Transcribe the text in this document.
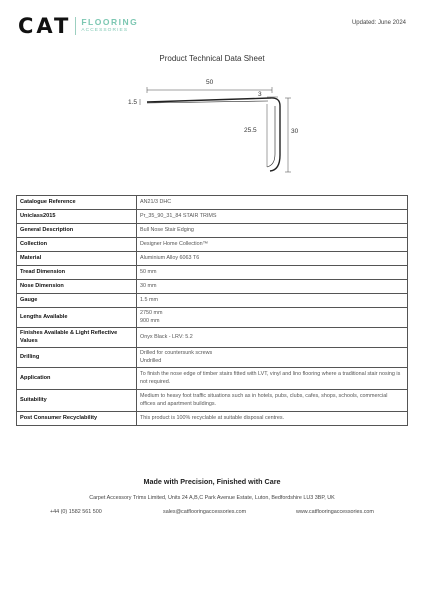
CAT FLOORING
ACCESSORIES
Updated: June 2024
Product Technical Data Sheet
50
1.5
3
25.5	30
Catalogue Reference	AN21/3 DHC

Uniclass2015	Pr_35_90_31_84 STAIR TRIMS

General Description	Bull Nose Stair Edging

Collection	Designer Home Collection™

Material	Aluminium Alloy 6063 T6

Tread Dimension	50 mm

Nose Dimension	30 mm

Gauge	1.5 mm

Lengths Available	2750 mm
900 mm

Finishes Available & Light Reflective Values	Onyx Black - LRV: 5.2

Drilling	Drilled for countersunk screws
Undrilled

Application	To finish the nose edge of timber stairs fitted with LVT, vinyl and lino flooring where a traditional stair nosing is not required.

Suitability	Medium to heavy foot traffic situations such as in hotels, pubs, clubs, cafes, shops, schools, commercial offices and apartment buildings.

Post Consumer Recyclability	This product is 100% recyclable at suitable disposal centres.
Made with Precision, Finished with Care
Carpet Accessory Trims Limited, Units 24 A,B,C Park Avenue Estate, Luton, Bedfordshire LU3 3BP, UK
+44 (0) 1582 561 500	sales@catflooringaccessories.com	www.catflooringaccessories.com
